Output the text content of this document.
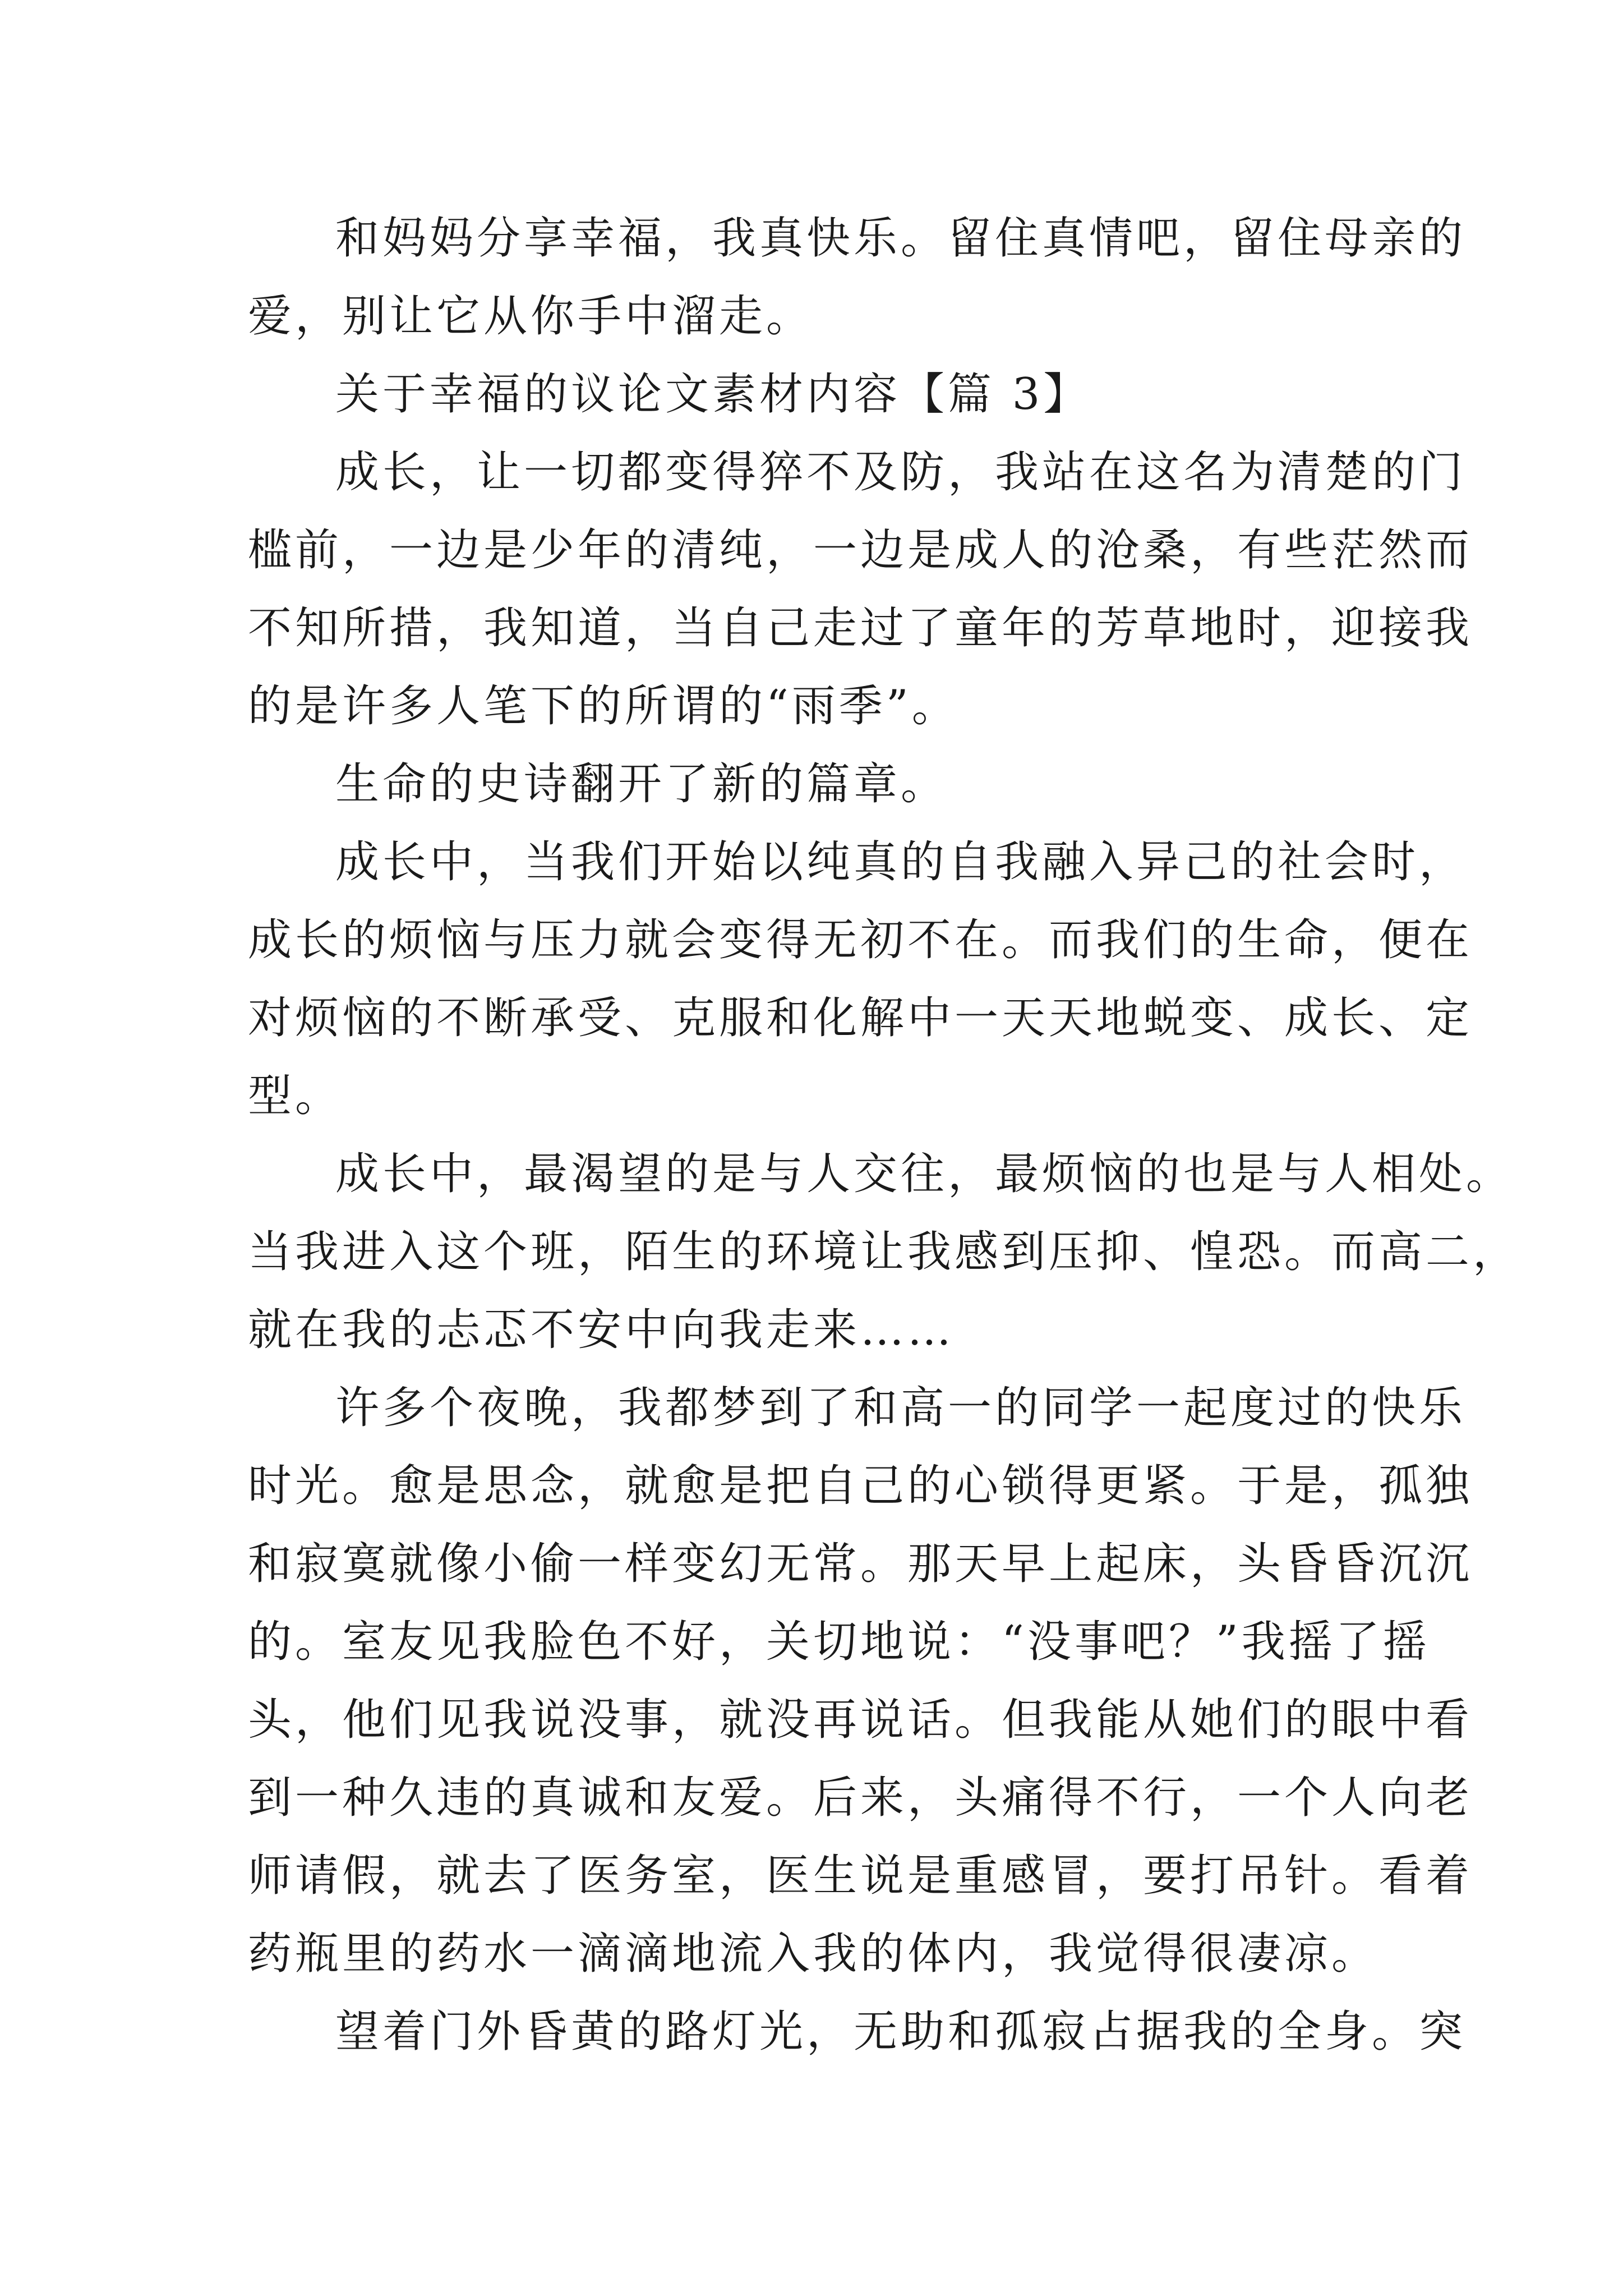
和妈妈分享幸福，我真快乐。留住真情吧，留住母亲的
爱，别让它从你手中溜走。
关于幸福的议论文素材内容【篇 3】
成长，让一切都变得猝不及防，我站在这名为清楚的门
槛前，一边是少年的清纯，一边是成人的沧桑，有些茫然而
不知所措，我知道，当自己走过了童年的芳草地时，迎接我
的是许多人笔下的所谓的“雨季”。
生命的史诗翻开了新的篇章。
成长中，当我们开始以纯真的自我融入异己的社会时，
成长的烦恼与压力就会变得无初不在。而我们的生命，便在
对烦恼的不断承受、克服和化解中一天天地蜕变、成长、定
型。
成长中，最渴望的是与人交往，最烦恼的也是与人相处。
当我进入这个班，陌生的环境让我感到压抑、惶恐。而高二，
就在我的忐忑不安中向我走来……
许多个夜晚，我都梦到了和高一的同学一起度过的快乐
时光。愈是思念，就愈是把自己的心锁得更紧。于是，孤独
和寂寞就像小偷一样变幻无常。那天早上起床，头昏昏沉沉
的。室友见我脸色不好，关切地说：“没事吧？”我摇了摇
头，他们见我说没事，就没再说话。但我能从她们的眼中看
到一种久违的真诚和友爱。后来，头痛得不行，一个人向老
师请假，就去了医务室，医生说是重感冒，要打吊针。看着
药瓶里的药水一滴滴地流入我的体内，我觉得很凄凉。
望着门外昏黄的路灯光，无助和孤寂占据我的全身。突
